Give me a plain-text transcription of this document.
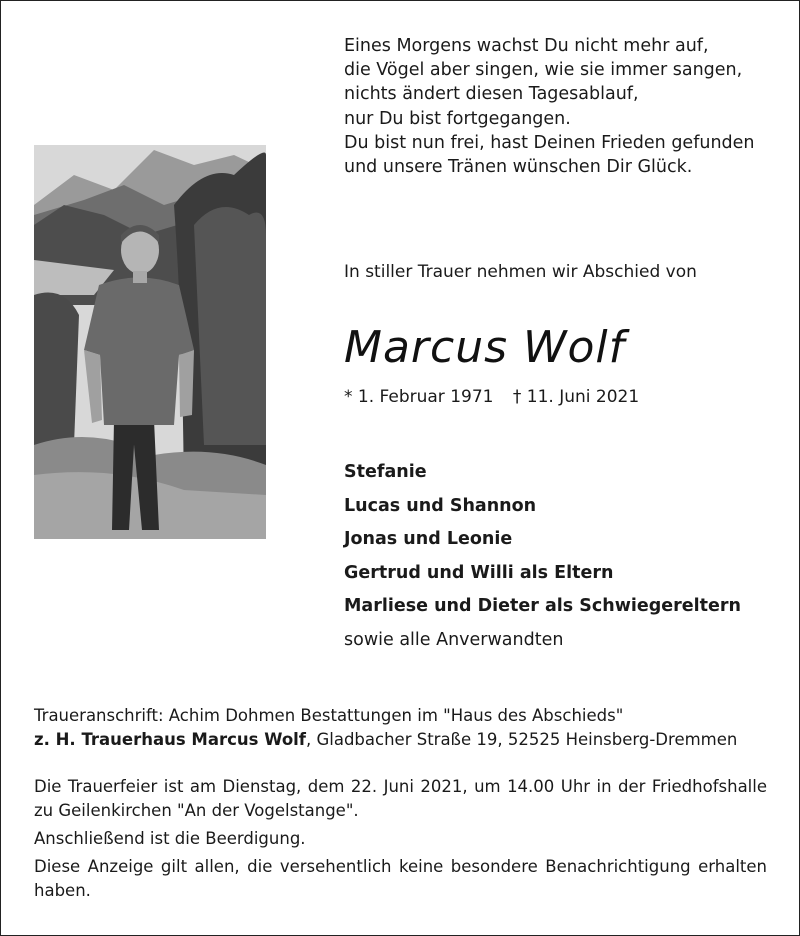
Eines Morgens wachst Du nicht mehr auf,
die Vögel aber singen, wie sie immer sangen,
nichts ändert diesen Tagesablauf,
nur Du bist fortgegangen.
Du bist nun frei, hast Deinen Frieden gefunden
und unsere Tränen wünschen Dir Glück.
In stiller Trauer nehmen wir Abschied von
Marcus Wolf
* 1. Februar 1971 † 11. Juni 2021
Stefanie
Lucas und Shannon
Jonas und Leonie
Gertrud und Willi als Eltern
Marliese und Dieter als Schwiegereltern
sowie alle Anverwandten
Traueranschrift: Achim Dohmen Bestattungen im "Haus des Abschieds"
z. H. Trauerhaus Marcus Wolf, Gladbacher Straße 19, 52525 Heinsberg-Dremmen

Die Trauerfeier ist am Dienstag, dem 22. Juni 2021, um 14.00 Uhr in der Friedhofshalle zu Geilenkirchen "An der Vogelstange".

Anschließend ist die Beerdigung.

Diese Anzeige gilt allen, die versehentlich keine besondere Benachrichtigung erhalten haben.
